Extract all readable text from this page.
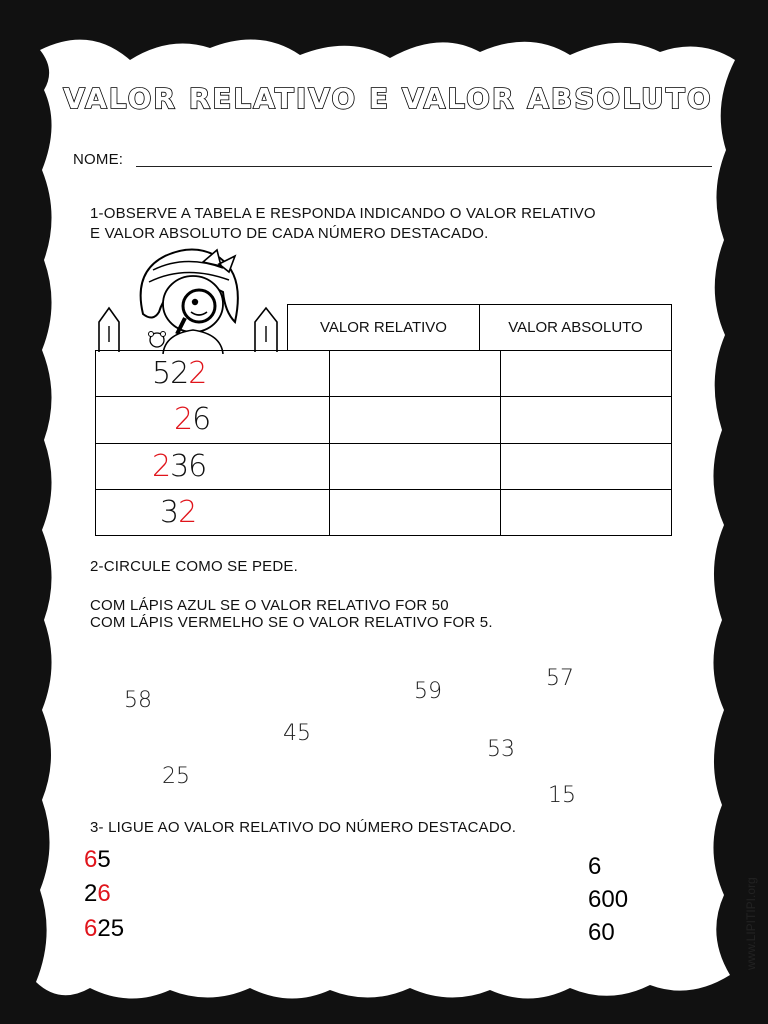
VALOR RELATIVO E VALOR ABSOLUTO
NOME:
1-OBSERVE A TABELA E RESPONDA INDICANDO O VALOR RELATIVO
E VALOR ABSOLUTO DE CADA NÚMERO DESTACADO.
VALOR RELATIVO	VALOR ABSOLUTO
522		
26		
236		
32		
2-CIRCULE COMO SE PEDE.
COM LÁPIS AZUL SE O VALOR RELATIVO FOR 50
COM LÁPIS VERMELHO SE O VALOR RELATIVO FOR 5.
58
45
25
59
57
53
15
3- LIGUE AO VALOR RELATIVO DO NÚMERO DESTACADO.
65
26
625
6
600
60	www.LIPITIPI.org
